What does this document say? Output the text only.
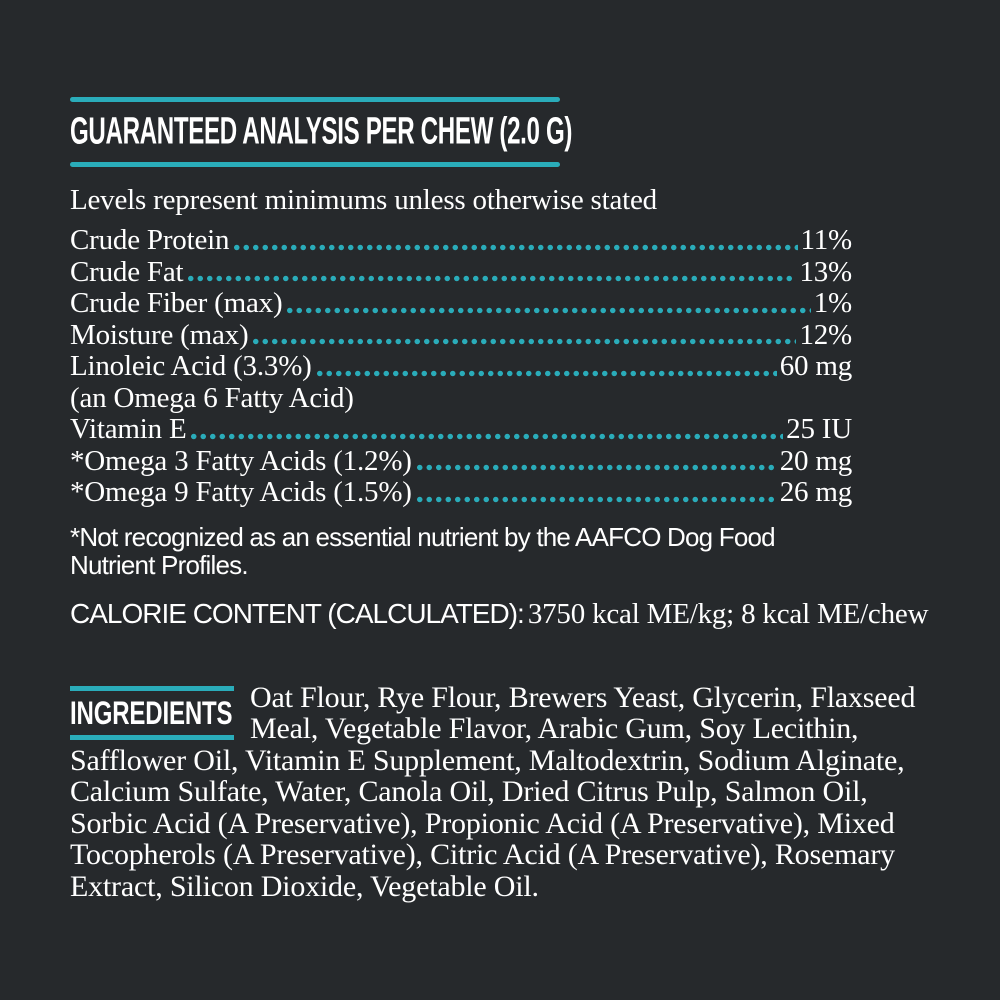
GUARANTEED ANALYSIS PER CHEW (2.0 G)

Levels represent minimums unless otherwise stated

Crude Protein	11%
Crude Fat	13%
Crude Fiber (max)	1%
Moisture (max)	12%
Linoleic Acid (3.3%)	60 mg
(an Omega 6 Fatty Acid)
Vitamin E	25 IU
*Omega 3 Fatty Acids (1.2%)	20 mg
*Omega 9 Fatty Acids (1.5%)	26 mg

*Not recognized as an essential nutrient by the AAFCO Dog Food Nutrient Profiles.

CALORIE CONTENT (CALCULATED): 3750 kcal ME/kg; 8 kcal ME/chew

INGREDIENTS Oat Flour, Rye Flour, Brewers Yeast, Glycerin, Flaxseed Meal, Vegetable Flavor, Arabic Gum, Soy Lecithin, Safflower Oil, Vitamin E Supplement, Maltodextrin, Sodium Alginate, Calcium Sulfate, Water, Canola Oil, Dried Citrus Pulp, Salmon Oil, Sorbic Acid (A Preservative), Propionic Acid (A Preservative), Mixed Tocopherols (A Preservative), Citric Acid (A Preservative), Rosemary Extract, Silicon Dioxide, Vegetable Oil.
